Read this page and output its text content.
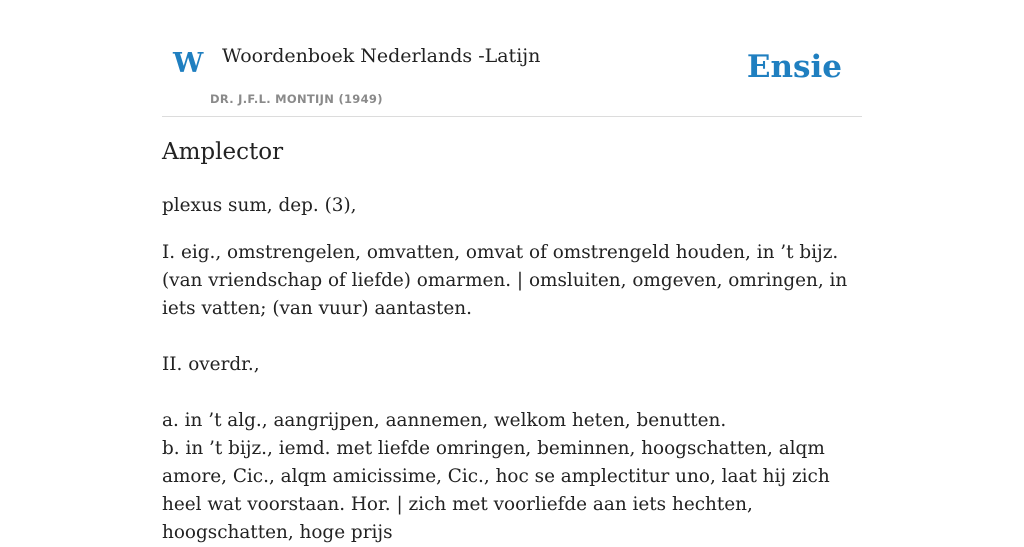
W Woordenboek Nederlands -Latijn
DR. J.F.L. MONTIJN (1949)
Ensie
Amplector

plexus sum, dep. (3),

I. eig., omstrengelen, omvatten, omvat of omstrengeld houden, in ’t bijz. (van vriendschap of liefde) omarmen. | omsluiten, omgeven, omringen, in iets vatten; (van vuur) aantasten.

II. overdr.,

a. in ’t alg., aangrijpen, aannemen, welkom heten, benutten.

b. in ’t bijz., iemd. met liefde omringen, beminnen, hoogschatten, alqm amore, Cic., alqm amicissime, Cic., hoc se amplectitur uno, laat hij zich heel wat voorstaan. Hor. | zich met voorliefde aan iets hechten, hoogschatten, hoge prijs
